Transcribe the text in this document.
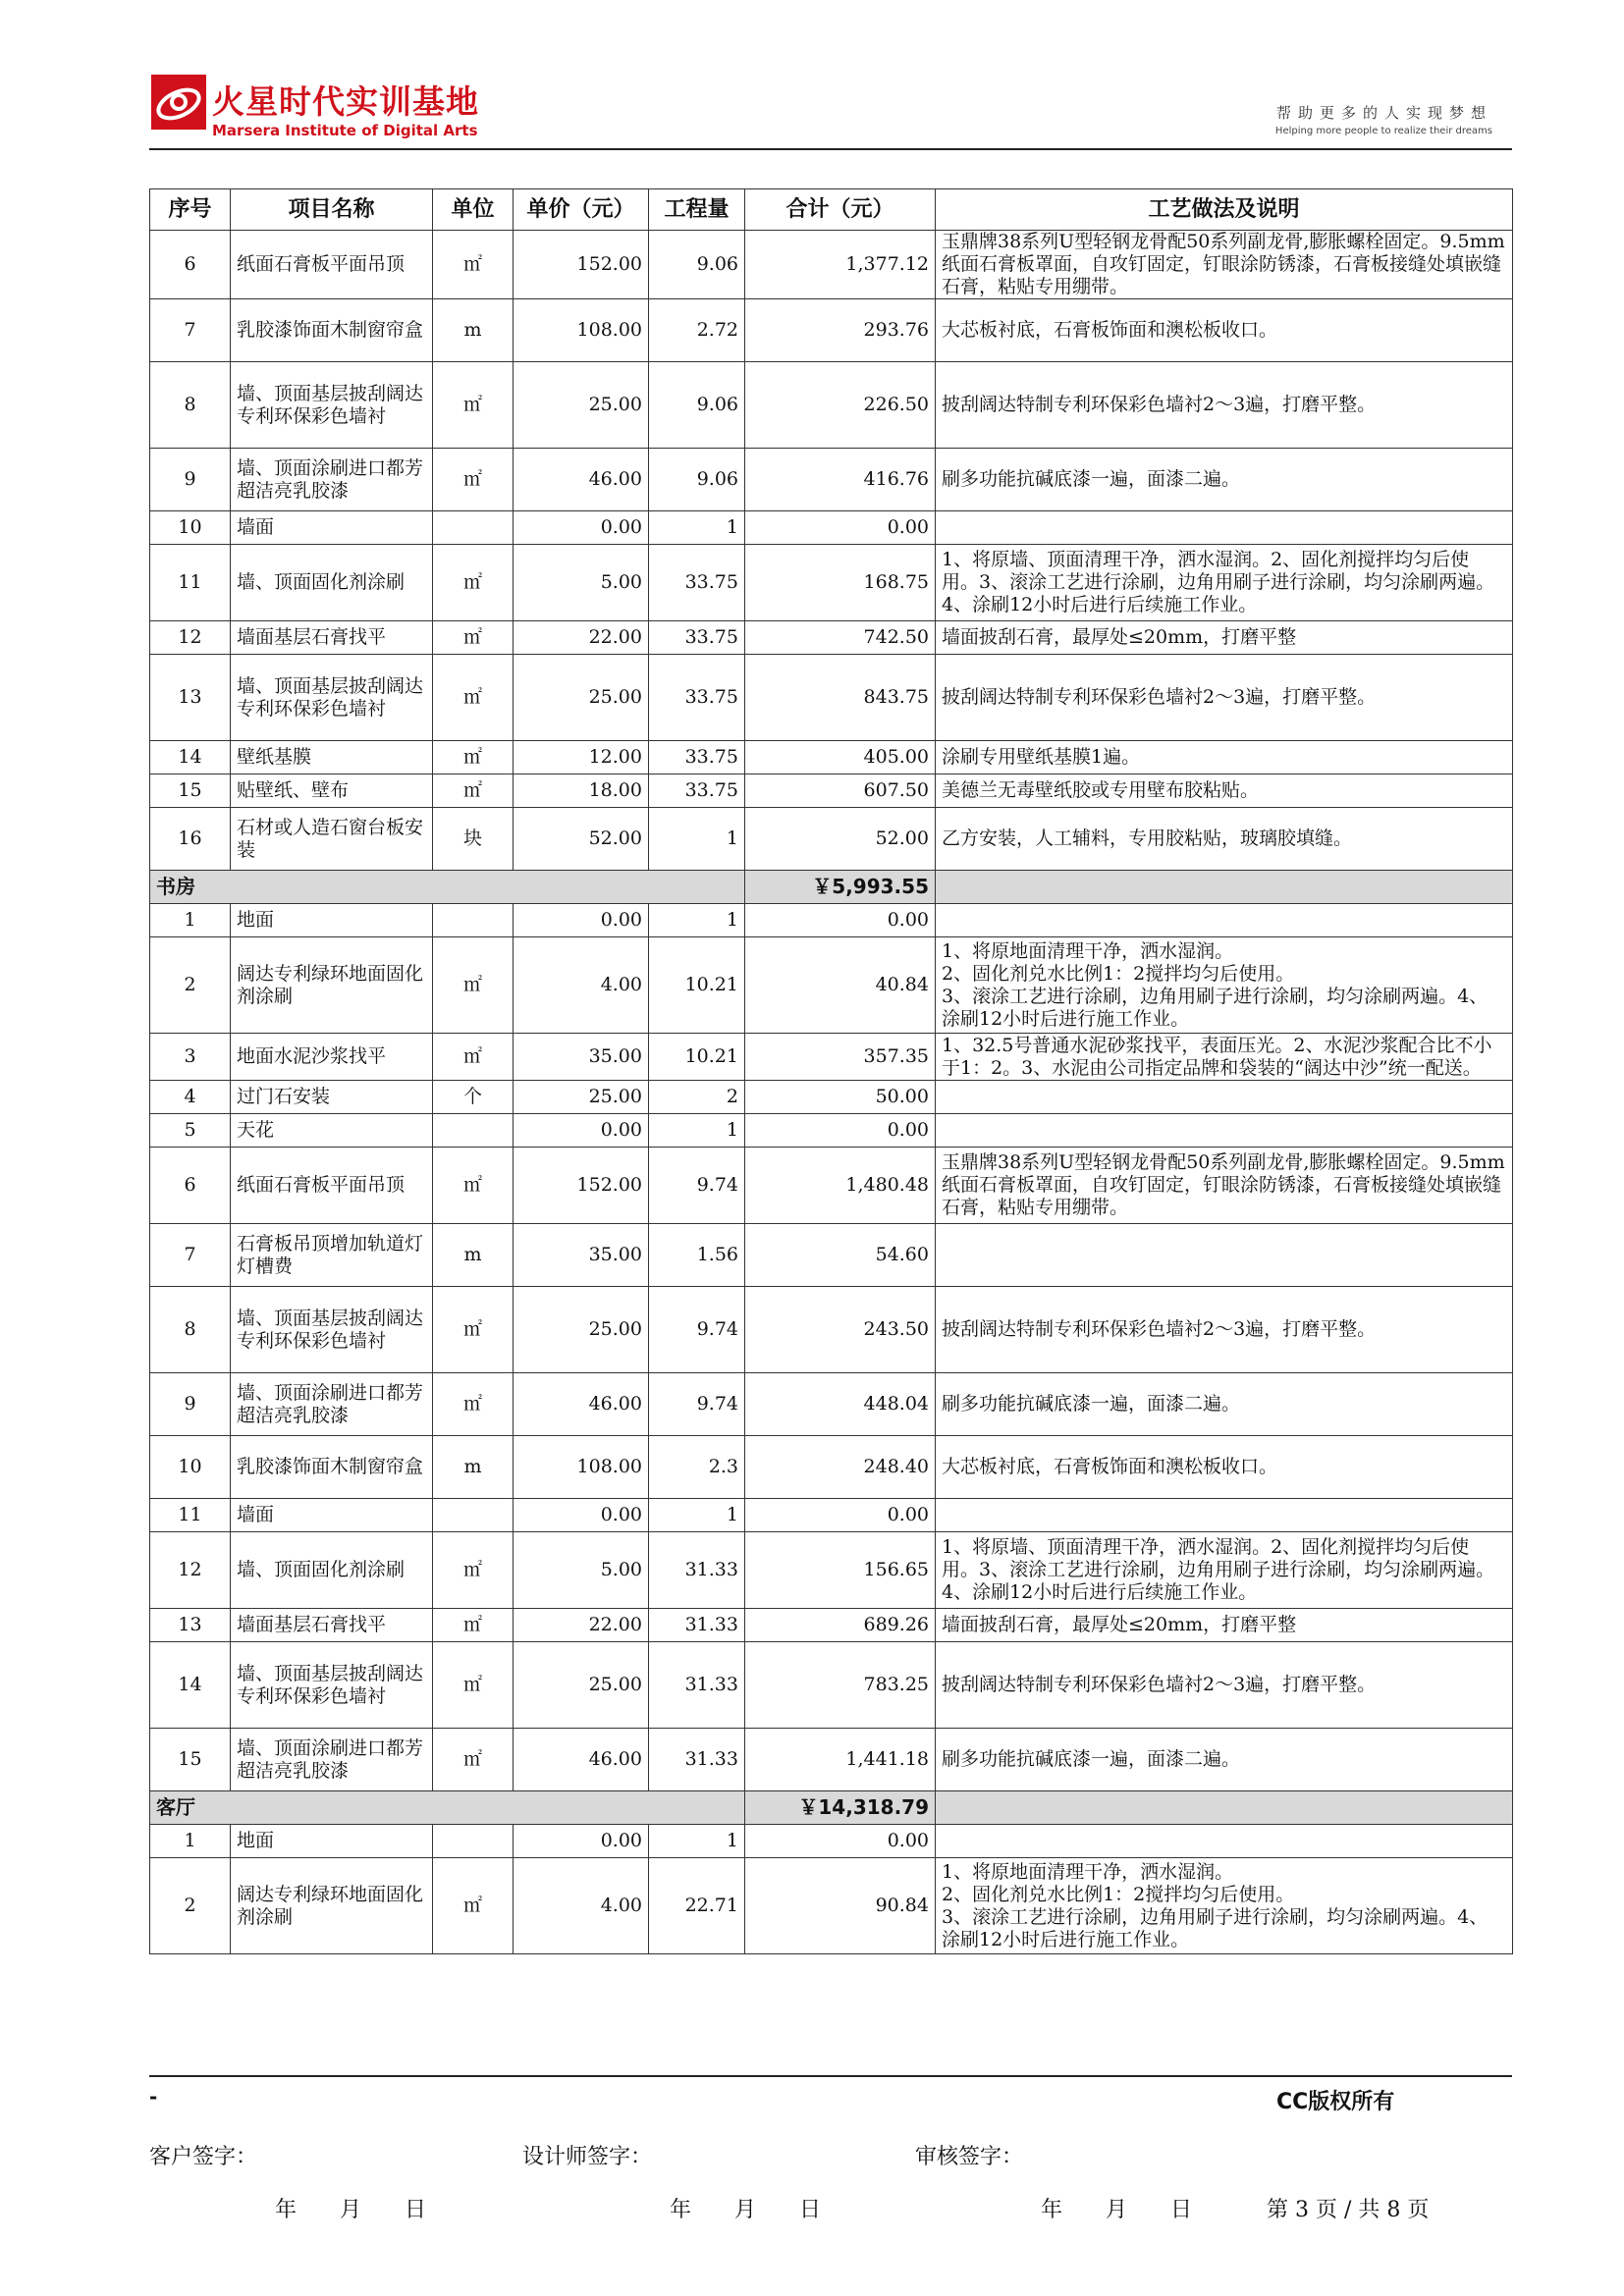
火星时代实训基地
Marsera Institute of Digital Arts
帮助更多的人实现梦想
Helping more people to realize their dreams
序号	项目名称	单位	单价（元）	工程量	合计（元）	工艺做法及说明
6	纸面石膏板平面吊顶	㎡	152.00	9.06	1,377.12	玉鼎牌38系列U型轻钢龙骨配50系列副龙骨,膨胀螺栓固定。9.5mm纸面石膏板罩面，自攻钉固定，钉眼涂防锈漆，石膏板接缝处填嵌缝石膏，粘贴专用绷带。
7	乳胶漆饰面木制窗帘盒	m	108.00	2.72	293.76	大芯板衬底，石膏板饰面和澳松板收口。
8	墙、顶面基层披刮阔达专利环保彩色墙衬	㎡	25.00	9.06	226.50	披刮阔达特制专利环保彩色墙衬2～3遍，打磨平整。
9	墙、顶面涂刷进口都芳超洁亮乳胶漆	㎡	46.00	9.06	416.76	刷多功能抗碱底漆一遍，面漆二遍。
10	墙面		0.00	1	0.00	
11	墙、顶面固化剂涂刷	㎡	5.00	33.75	168.75	1、将原墙、顶面清理干净，洒水湿润。2、固化剂搅拌均匀后使用。3、滚涂工艺进行涂刷，边角用刷子进行涂刷，均匀涂刷两遍。4、涂刷12小时后进行后续施工作业。
12	墙面基层石膏找平	㎡	22.00	33.75	742.50	墙面披刮石膏，最厚处≤20mm，打磨平整
13	墙、顶面基层披刮阔达专利环保彩色墙衬	㎡	25.00	33.75	843.75	披刮阔达特制专利环保彩色墙衬2～3遍，打磨平整。
14	壁纸基膜	㎡	12.00	33.75	405.00	涂刷专用壁纸基膜1遍。
15	贴壁纸、壁布	㎡	18.00	33.75	607.50	美德兰无毒壁纸胶或专用壁布胶粘贴。
16	石材或人造石窗台板安装	块	52.00	1	52.00	乙方安装，人工辅料，专用胶粘贴，玻璃胶填缝。
书房					￥5,993.55	
1	地面		0.00	1	0.00	
2	阔达专利绿环地面固化剂涂刷	㎡	4.00	10.21	40.84	1、将原地面清理干净，洒水湿润。
2、固化剂兑水比例1：2搅拌均匀后使用。
3、滚涂工艺进行涂刷，边角用刷子进行涂刷，均匀涂刷两遍。4、涂刷12小时后进行施工作业。
3	地面水泥沙浆找平	㎡	35.00	10.21	357.35	1、32.5号普通水泥砂浆找平，表面压光。2、水泥沙浆配合比不小于1：2。3、水泥由公司指定品牌和袋装的“阔达中沙”统一配送。
4	过门石安装	个	25.00	2	50.00	
5	天花		0.00	1	0.00	
6	纸面石膏板平面吊顶	㎡	152.00	9.74	1,480.48	玉鼎牌38系列U型轻钢龙骨配50系列副龙骨,膨胀螺栓固定。9.5mm纸面石膏板罩面，自攻钉固定，钉眼涂防锈漆，石膏板接缝处填嵌缝石膏，粘贴专用绷带。
7	石膏板吊顶增加轨道灯灯槽费	m	35.00	1.56	54.60	
8	墙、顶面基层披刮阔达专利环保彩色墙衬	㎡	25.00	9.74	243.50	披刮阔达特制专利环保彩色墙衬2～3遍，打磨平整。
9	墙、顶面涂刷进口都芳超洁亮乳胶漆	㎡	46.00	9.74	448.04	刷多功能抗碱底漆一遍，面漆二遍。
10	乳胶漆饰面木制窗帘盒	m	108.00	2.3	248.40	大芯板衬底，石膏板饰面和澳松板收口。
11	墙面		0.00	1	0.00	
12	墙、顶面固化剂涂刷	㎡	5.00	31.33	156.65	1、将原墙、顶面清理干净，洒水湿润。2、固化剂搅拌均匀后使用。3、滚涂工艺进行涂刷，边角用刷子进行涂刷，均匀涂刷两遍。4、涂刷12小时后进行后续施工作业。
13	墙面基层石膏找平	㎡	22.00	31.33	689.26	墙面披刮石膏，最厚处≤20mm，打磨平整
14	墙、顶面基层披刮阔达专利环保彩色墙衬	㎡	25.00	31.33	783.25	披刮阔达特制专利环保彩色墙衬2～3遍，打磨平整。
15	墙、顶面涂刷进口都芳超洁亮乳胶漆	㎡	46.00	31.33	1,441.18	刷多功能抗碱底漆一遍，面漆二遍。
客厅					￥14,318.79	
1	地面		0.00	1	0.00	
2	阔达专利绿环地面固化剂涂刷	㎡	4.00	22.71	90.84	1、将原地面清理干净，洒水湿润。
2、固化剂兑水比例1：2搅拌均匀后使用。
3、滚涂工艺进行涂刷，边角用刷子进行涂刷，均匀涂刷两遍。4、涂刷12小时后进行施工作业。
-	CC版权所有
客户签字：	设计师签字：	审核签字：
年　　月　　日	年　　月　　日	年　　月　　日	第 3 页 / 共 8 页
